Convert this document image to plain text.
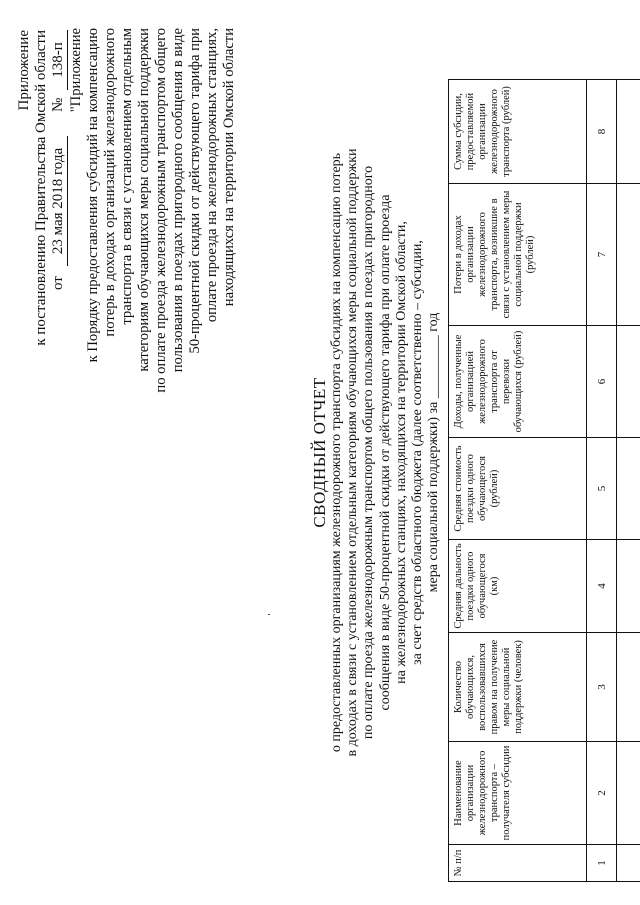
Приложение к постановлению Правительства Омской области от
23 мая 2018 года
№
138-п "Приложение к Порядку предоставления субсидий на компенсацию потерь в доходах организаций железнодорожного транспорта в связи с установлением отдельным категориям обучающихся меры социальной поддержки по оплате проезда железнодорожным транспортом общего пользования в поездах пригородного сообщения в виде 50-процентной скидки от действующего тарифа при оплате проезда на железнодорожных станциях, находящихся на территории Омской области
СВОДНЫЙ ОТЧЕТ о предоставленных организациям железнодорожного транспорта субсидиях на компенсацию потерь в доходах в связи с установлением отдельным категориям обучающихся меры социальной поддержки по оплате проезда железнодорожным транспортом общего пользования в поездах пригородного сообщения в виде 50-процентной скидки от действующего тарифа при оплате проезда на железнодорожных станциях, находящихся на территории Омской области, за счет средств областного бюджета (далее соответственно – субсидии, мера социальной поддержки) за _________ год
№ п/п	Наименование организации железнодорожного транспорта – получателя субсидии	Количество обучающихся, воспользовавшихся правом на получение меры социальной поддержки (человек)	Средняя дальность поездки одного обучающегося (км)	Средняя стоимость поездки одного обучающегося (рублей)	Доходы, полученные организацией железнодорожного транспорта от перевозки обучающихся (рублей)	Потери в доходах организации железнодорожного транспорта, возникшие в связи с установлением меры социальной поддержки (рублей)	Сумма субсидии, предоставляемой организации железнодорожного транспорта (рублей)
1	2	3	4	5	6	7	8
